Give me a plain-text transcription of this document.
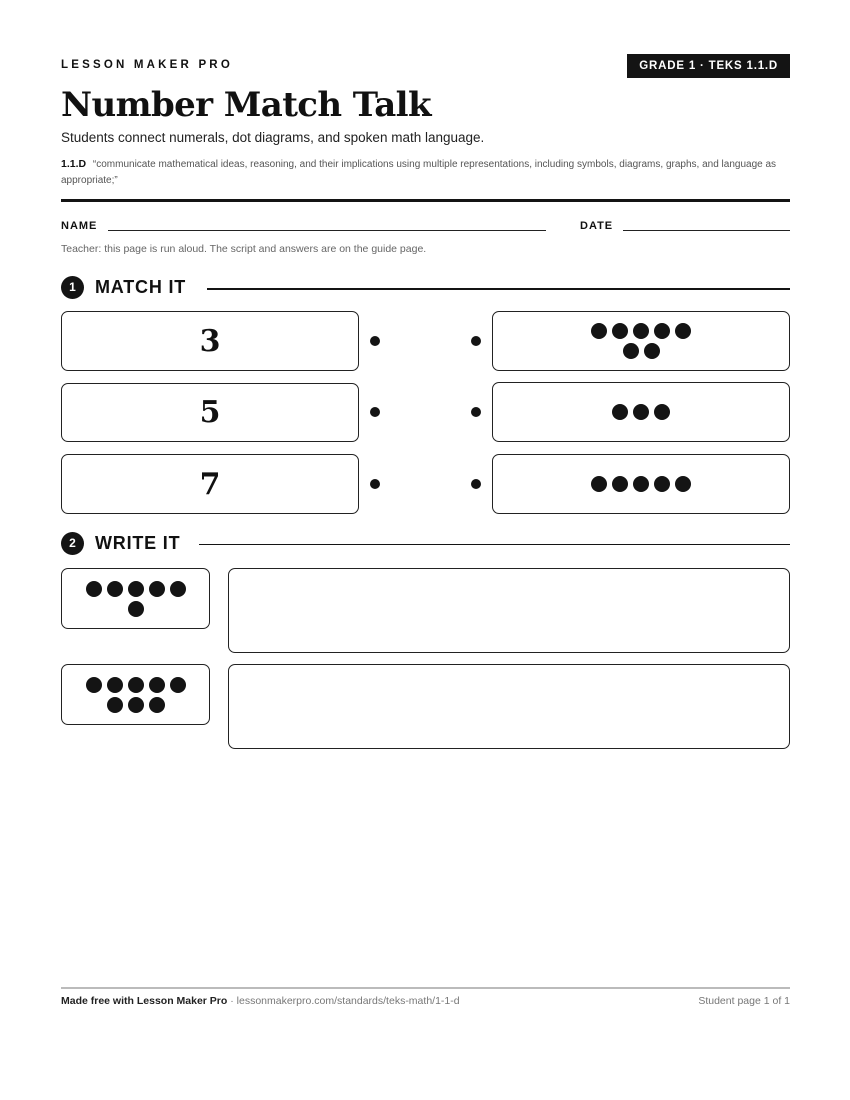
LESSON MAKER PRO	GRADE 1 · TEKS 1.1.D
Number Match Talk
Students connect numerals, dot diagrams, and spoken math language.
1.1.D “communicate mathematical ideas, reasoning, and their implications using multiple representations, including symbols, diagrams, graphs, and language as appropriate;”
NAME	DATE
Teacher: this page is run aloud. The script and answers are on the guide page.
1	MATCH IT
3
5
7
2	WRITE IT
Made free with Lesson Maker Pro · lessonmakerpro.com/standards/teks-math/1-1-d	Student page 1 of 1
